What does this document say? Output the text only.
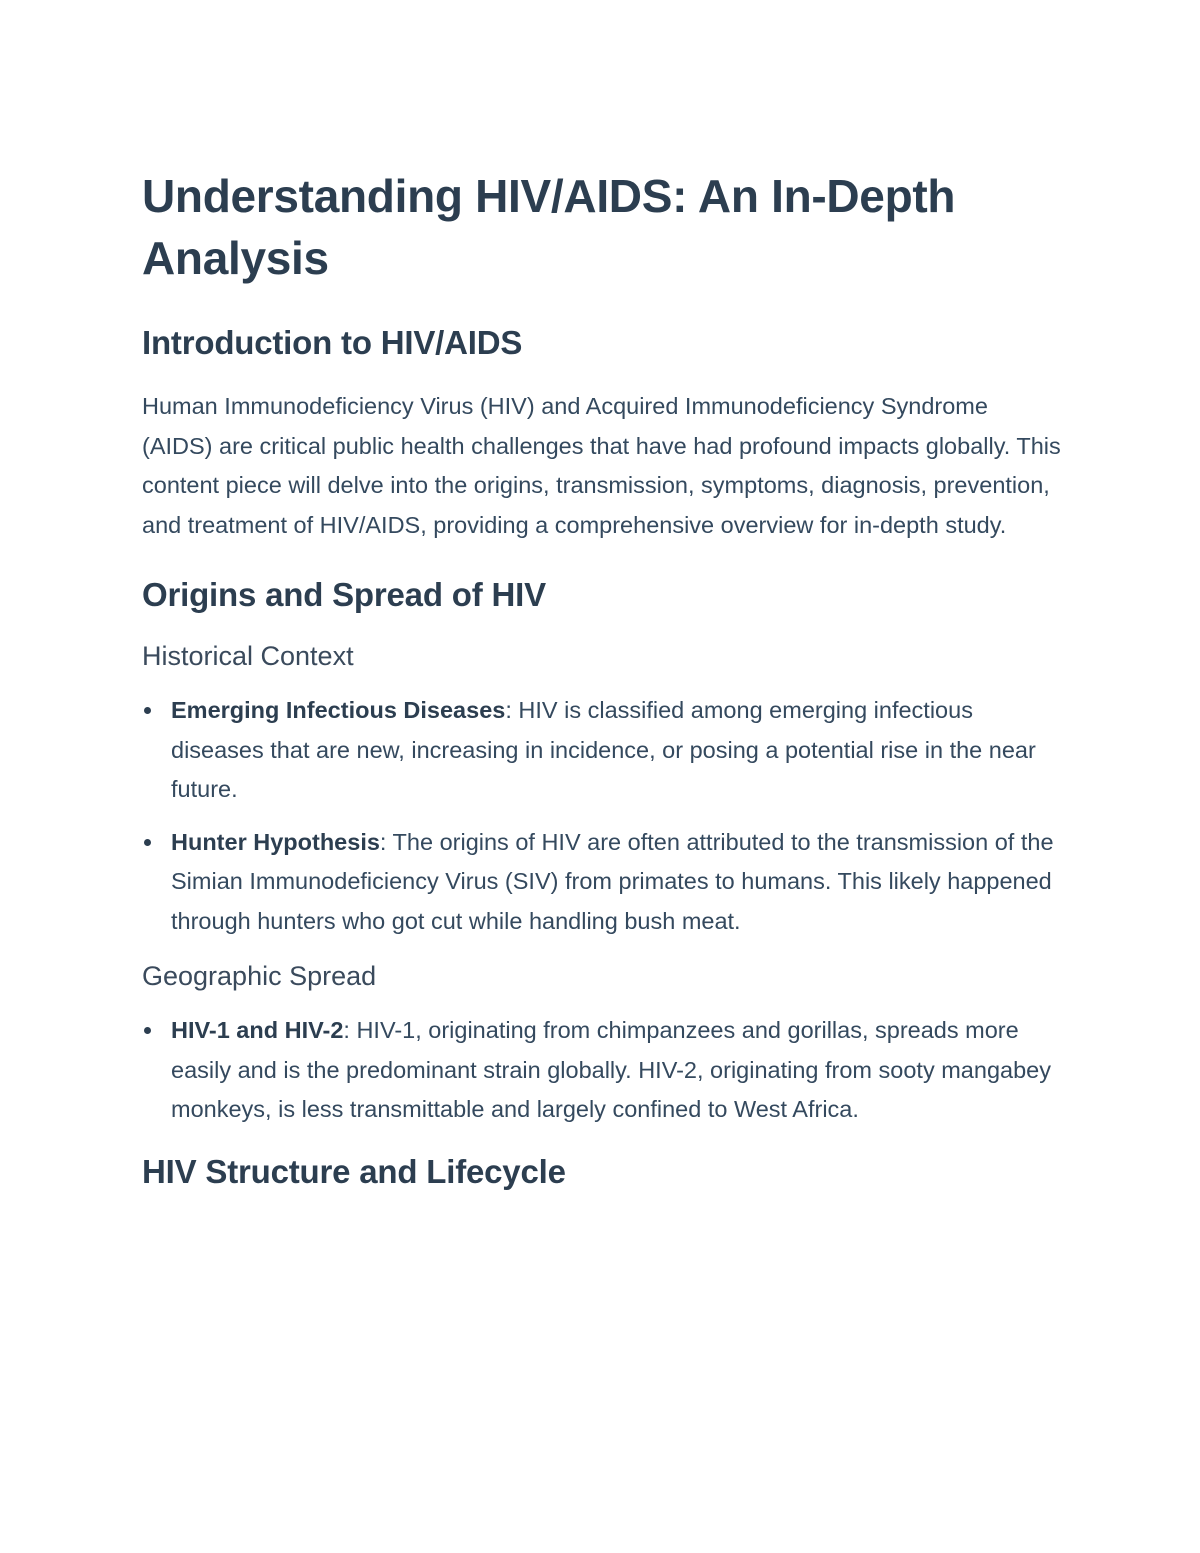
Understanding HIV/AIDS: An In-Depth Analysis
Introduction to HIV/AIDS

Human Immunodeficiency Virus (HIV) and Acquired Immunodeficiency Syndrome (AIDS) are critical public health challenges that have had profound impacts globally. This content piece will delve into the origins, transmission, symptoms, diagnosis, prevention, and treatment of HIV/AIDS, providing a comprehensive overview for in-depth study.

Origins and Spread of HIV
Historical Context
Emerging Infectious Diseases: HIV is classified among emerging infectious diseases that are new, increasing in incidence, or posing a potential rise in the near future.
Hunter Hypothesis: The origins of HIV are often attributed to the transmission of the Simian Immunodeficiency Virus (SIV) from primates to humans. This likely happened through hunters who got cut while handling bush meat.
Geographic Spread
HIV-1 and HIV-2: HIV-1, originating from chimpanzees and gorillas, spreads more easily and is the predominant strain globally. HIV-2, originating from sooty mangabey monkeys, is less transmittable and largely confined to West Africa.
HIV Structure and Lifecycle
